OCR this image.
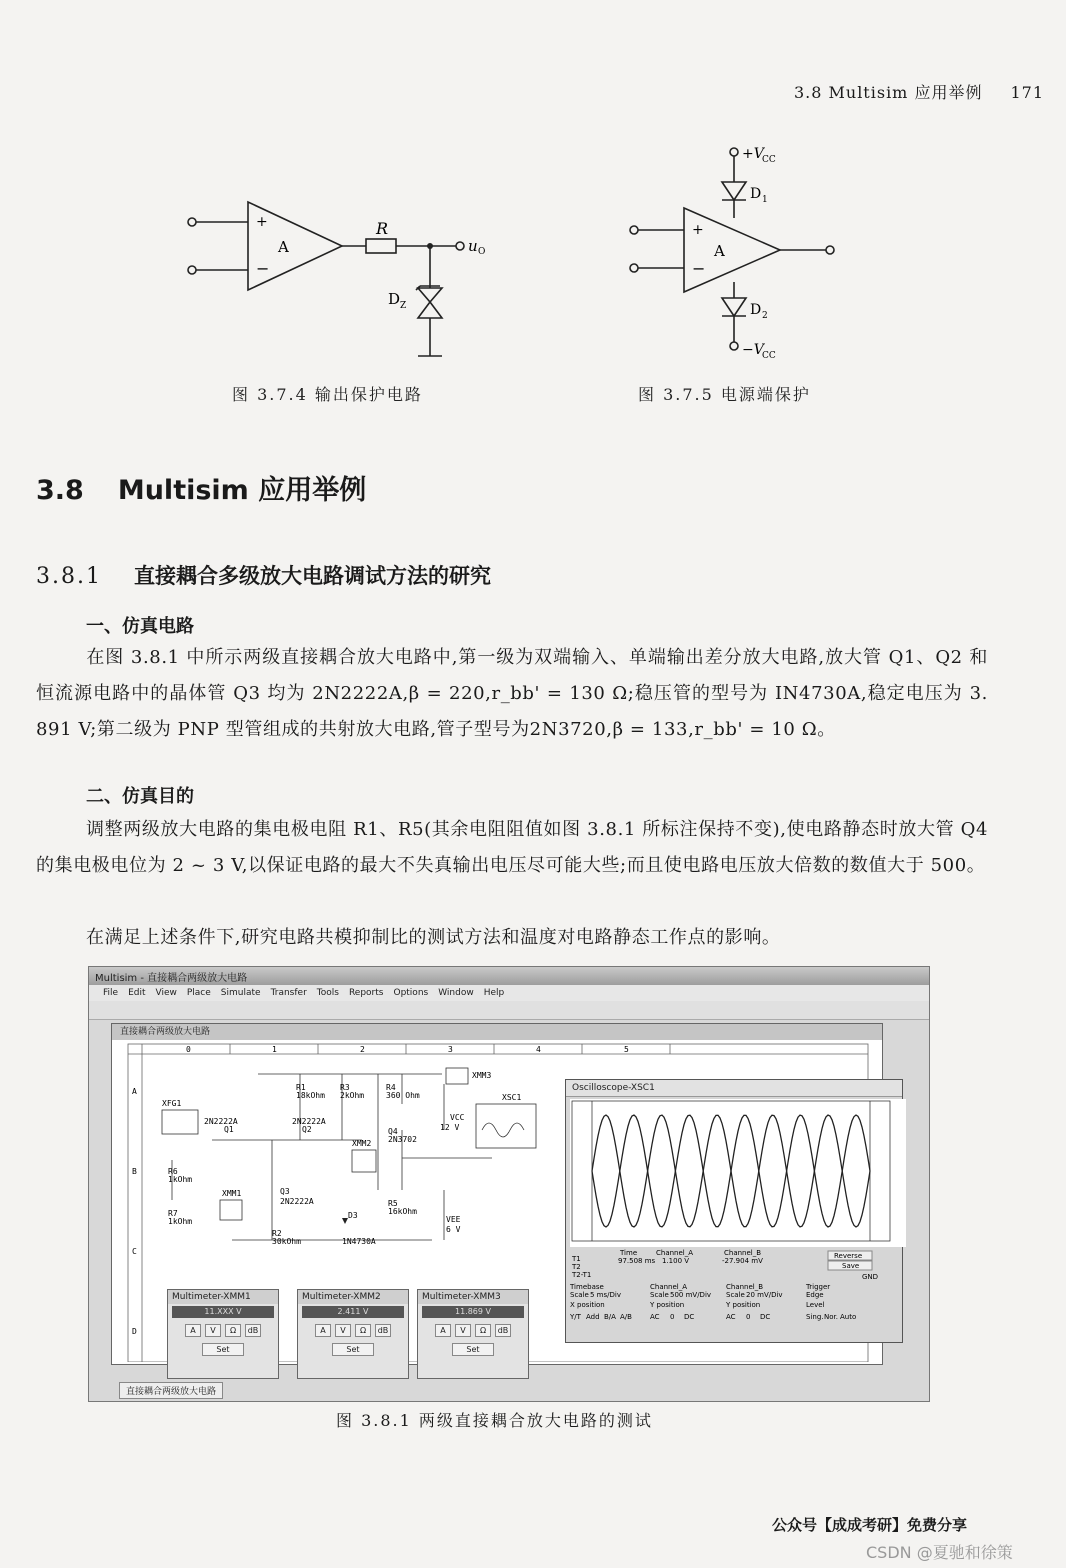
3.8 Multisim 应用举例 171
+
−
A
R
u O
D Z
图 3.7.4 输出保护电路
+
−
A
+V
CC
D 1
D 2
−V
CC
图 3.7.5 电源端保护
3.8 Multisim 应用举例
3.8.1 直接耦合多级放大电路调试方法的研究
一、仿真电路
在图 3.8.1 中所示两级直接耦合放大电路中,第一级为双端输入、单端输出差分放大电路,放大管 Q1、Q2 和恒流源电路中的晶体管 Q3 均为 2N2222A,β = 220,r_bb' = 130 Ω;稳压管的型号为 IN4730A,稳定电压为 3. 891 V;第二级为 PNP 型管组成的共射放大电路,管子型号为2N3720,β = 133,r_bb' = 10 Ω。
二、仿真目的
调整两级放大电路的集电极电阻 R1、R5(其余电阻阻值如图 3.8.1 所标注保持不变),使电路静态时放大管 Q4 的集电极电位为 2 ~ 3 V,以保证电路的最大不失真输出电压尽可能大些;而且使电路电压放大倍数的数值大于 500。
在满足上述条件下,研究电路共模抑制比的测试方法和温度对电路静态工作点的影响。
Multisim - 直接耦合两级放大电路
File Edit View Place Simulate Transfer Tools Reports Options Window Help
直接耦合两级放大电路
0	1	2	3	4	5
A
B
C
D
R1
18kOhm
R3
2kOhm
R4
360 Ohm
2N2222A
Q1
2N2222A
Q2	Q4
2N3702
VCC
12 V
XFG1
R6
1kOhm
R7
1kOhm
Q3
2N2222A
R2
30kOhm
D3
1N4730A
R5
16kOhm
VEE
6 V
XMM1
XMM2
XMM3
XSC1
Oscilloscope-XSC1
T1
T2
T2-T1
Time
97.508 ms
Channel_A
1.100 V
Channel_B
-27.904 mV
Reverse
Save
GND
Timebase
Scale 5 ms/Div
X position
Channel_A
Scale 500 mV/Div
Y position
Channel_B
Scale 20 mV/Div
Y position
Trigger
Edge
Level
Y/T Add B/A A/B	AC 0 DC	AC 0 DC	Sing. Nor. Auto
Multimeter-XMM1
11.XXX V
A	V	Ω	dB
Set
Multimeter-XMM2
2.411 V
A	V	Ω	dB
Set
Multimeter-XMM3
11.869 V
A	V	Ω	dB
Set
直接耦合两级放大电路
图 3.8.1 两级直接耦合放大电路的测试
公众号【成成考研】免费分享
CSDN @夏驰和徐策
